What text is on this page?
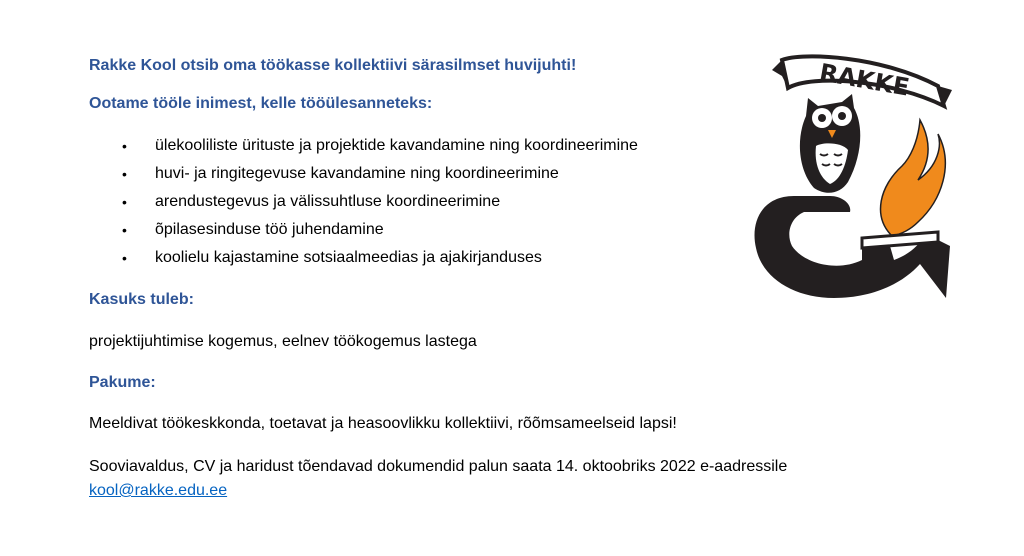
Rakke Kool otsib oma töökasse kollektiivi särasilmset huvijuhti!

Ootame tööle inimest, kelle tööülesanneteks:

• ülekooliliste ürituste ja projektide kavandamine ning koordineerimine
• huvi- ja ringitegevuse kavandamine ning koordineerimine
• arendustegevus ja välissuhtluse koordineerimine
• õpilasesinduse töö juhendamine
• koolielu kajastamine sotsiaalmeedias ja ajakirjanduses

Kasuks tuleb:

projektijuhtimise kogemus, eelnev töökogemus lastega

Pakume:

Meeldivat töökeskkonda, toetavat ja heasoovlikku kollektiivi, rõõmsameelseid lapsi!

Sooviavaldus, CV ja haridust tõendavad dokumendid palun saata 14. oktoobriks 2022 e-aadressile

kool@rakke.edu.ee
RAKKE
